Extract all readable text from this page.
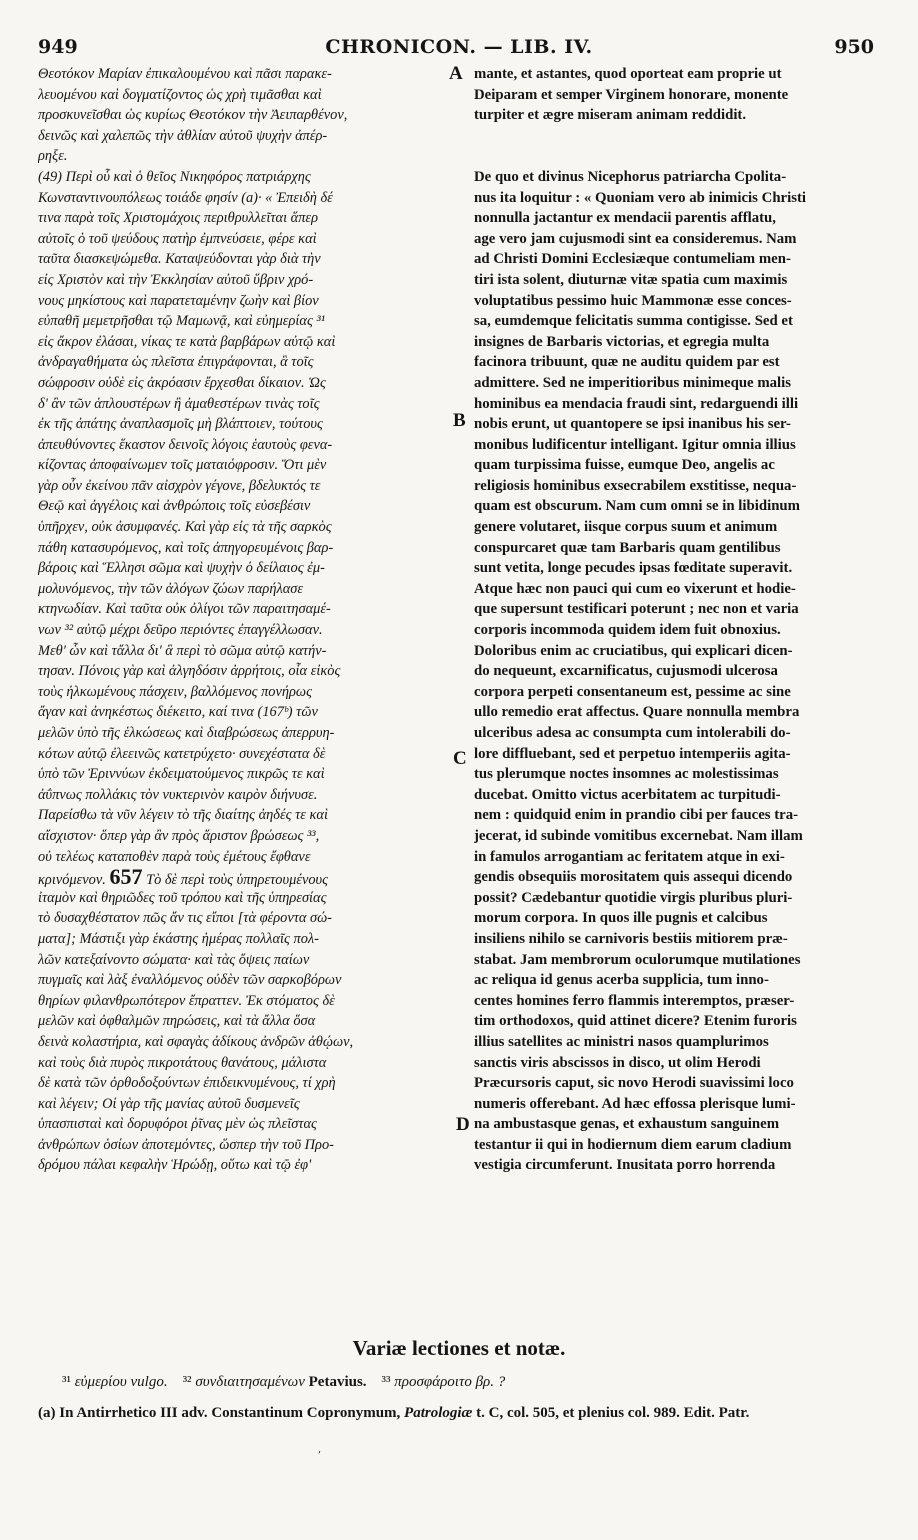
949	CHRONICON. — LIB. IV.	950
Θεοτόκον Μαρίαν ἐπικαλουμένου καὶ πᾶσι παρακε-
λευομένου καὶ δογματίζοντος ὡς χρὴ τιμᾶσθαι καὶ
προσκυνεῖσθαι ὡς κυρίως Θεοτόκον τὴν Ἀειπαρθένον,
δεινῶς καὶ χαλεπῶς τὴν ἀθλίαν αὐτοῦ ψυχὴν ἀπέρ-
ρηξε.
(49) Περὶ οὗ καὶ ὁ θεῖος Νικηφόρος πατριάρχης
Κωνσταντινουπόλεως τοιάδε φησίν (a)· « Ἐπειδὴ δέ
τινα παρὰ τοῖς Χριστομάχοις περιθρυλλεῖται ἅπερ
αὐτοῖς ὁ τοῦ ψεύδους πατὴρ ἐμπνεύσειε, φέρε καὶ
ταῦτα διασκεψώμεθα. Καταψεύδονται γὰρ διὰ τὴν
εἰς Χριστὸν καὶ τὴν Ἐκκλησίαν αὐτοῦ ὕβριν χρό-
νους μηκίστους καὶ παρατεταμένην ζωὴν καὶ βίον
εὐπαθῆ μεμετρῆσθαι τῷ Μαμωνᾷ, καὶ εὐημερίας ³¹
εἰς ἄκρον ἐλάσαι, νίκας τε κατὰ βαρβάρων αὐτῷ καὶ
ἀνδραγαθήματα ὡς πλεῖστα ἐπιγράφονται, ἃ τοῖς
σώφροσιν οὐδὲ εἰς ἀκρόασιν ἔρχεσθαι δίκαιον. Ὡς
δ' ἂν τῶν ἁπλουστέρων ἢ ἀμαθεστέρων τινὰς τοῖς
ἐκ τῆς ἀπάτης ἀναπλασμοῖς μὴ βλάπτοιεν, τούτους
ἀπευθύνοντες ἕκαστον δεινοῖς λόγοις ἑαυτοὺς φενα-
κίζοντας ἀποφαίνωμεν τοῖς ματαιόφροσιν. Ὅτι μὲν
γὰρ οὖν ἐκείνου πᾶν αἰσχρὸν γέγονε, βδελυκτός τε
Θεῷ καὶ ἀγγέλοις καὶ ἀνθρώποις τοῖς εὐσεβέσιν
ὑπῆρχεν, οὐκ ἀσυμφανές. Καὶ γὰρ εἰς τὰ τῆς σαρκὸς
πάθη κατασυρόμενος, καὶ τοῖς ἀπηγορευμένοις βαρ-
βάροις καὶ Ἕλλησι σῶμα καὶ ψυχὴν ὁ δείλαιος ἐμ-
μολυνόμενος, τὴν τῶν ἀλόγων ζώων παρήλασε
κτηνωδίαν. Καὶ ταῦτα οὐκ ὀλίγοι τῶν παραιτησαμέ-
νων ³² αὐτῷ μέχρι δεῦρο περιόντες ἐπαγγέλλωσαν.
Μεθ' ὧν καὶ τἄλλα δι' ἃ περὶ τὸ σῶμα αὐτῷ κατήν-
τησαν. Πόνοις γὰρ καὶ ἀλγηδόσιν ἀρρήτοις, οἷα εἰκὸς
τοὺς ἡλκωμένους πάσχειν, βαλλόμενος πονήρως
ἄγαν καὶ ἀνηκέστως διέκειτο, καί τινα (167ᵇ) τῶν
μελῶν ὑπὸ τῆς ἑλκώσεως καὶ διαβρώσεως ἀπερρυη-
κότων αὐτῷ ἐλεεινῶς κατετρύχετο· συνεχέστατα δὲ
ὑπὸ τῶν Ἐριννύων ἐκδειματούμενος πικρῶς τε καὶ
ἀΰπνως πολλάκις τὸν νυκτερινὸν καιρὸν διήνυσε.
Παρείσθω τὰ νῦν λέγειν τὸ τῆς διαίτης ἀηδές τε καὶ
αἴσχιστον· ὅπερ γὰρ ἂν πρὸς ἄριστον βρώσεως ³³,
οὐ τελέως καταποθὲν παρὰ τοὺς ἐμέτους ἔφθανε
κρινόμενον. 657 Τὸ δὲ περὶ τοὺς ὑπηρετουμένους
ἰταμὸν καὶ θηριῶδες τοῦ τρόπου καὶ τῆς ὑπηρεσίας
τὸ δυσαχθέστατον πῶς ἄν τις εἴποι [τὰ φέροντα σώ-
ματα]; Μάστιξι γὰρ ἑκάστης ἡμέρας πολλαῖς πολ-
λῶν κατεξαίνοντο σώματα· καὶ τὰς ὄψεις παίων
πυγμαῖς καὶ λὰξ ἐναλλόμενος οὐδὲν τῶν σαρκοβόρων
θηρίων φιλανθρωπότερον ἔπραττεν. Ἐκ στόματος δὲ
μελῶν καὶ ὀφθαλμῶν πηρώσεις, καὶ τὰ ἄλλα ὅσα
δεινὰ κολαστήρια, καὶ σφαγὰς ἀδίκους ἀνδρῶν ἀθῴων,
καὶ τοὺς διὰ πυρὸς πικροτάτους θανάτους, μάλιστα
δὲ κατὰ τῶν ὀρθοδοξούντων ἐπιδεικνυμένους, τί χρὴ
καὶ λέγειν; Οἱ γὰρ τῆς μανίας αὐτοῦ δυσμενεῖς
ὑπασπισταὶ καὶ δορυφόροι ῥῖνας μὲν ὡς πλεῖστας
ἀνθρώπων ὁσίων ἀποτεμόντες, ὥσπερ τὴν τοῦ Προ-
δρόμου πάλαι κεφαλὴν Ἡρώδῃ, οὕτω καὶ τῷ ἐφ'
mante, et astantes, quod oporteat eam proprie ut
Deiparam et semper Virginem honorare, monente
turpiter et ægre miseram animam reddidit.
De quo et divinus Nicephorus patriarcha Cpolita-
nus ita loquitur : « Quoniam vero ab inimicis Christi
nonnulla jactantur ex mendacii parentis afflatu,
age vero jam cujusmodi sint ea consideremus. Nam
ad Christi Domini Ecclesiæque contumeliam men-
tiri ista solent, diuturnæ vitæ spatia cum maximis
voluptatibus pessimo huic Mammonæ esse conces-
sa, eumdemque felicitatis summa contigisse. Sed et
insignes de Barbaris victorias, et egregia multa
facinora tribuunt, quæ ne auditu quidem par est
admittere. Sed ne imperitioribus minimeque malis
hominibus ea mendacia fraudi sint, redarguendi illi
nobis erunt, ut quantopere se ipsi inanibus his ser-
monibus ludificentur intelligant. Igitur omnia illius
quam turpissima fuisse, eumque Deo, angelis ac
religiosis hominibus exsecrabilem exstitisse, nequa-
quam est obscurum. Nam cum omni se in libidinum
genere volutaret, iisque corpus suum et animum
conspurcaret quæ tam Barbaris quam gentilibus
sunt vetita, longe pecudes ipsas fœditate superavit.
Atque hæc non pauci qui cum eo vixerunt et hodie-
que supersunt testificari poterunt ; nec non et varia
corporis incommoda quidem idem fuit obnoxius.
Doloribus enim ac cruciatibus, qui explicari dicen-
do nequeunt, excarnificatus, cujusmodi ulcerosa
corpora perpeti consentaneum est, pessime ac sine
ullo remedio erat affectus. Quare nonnulla membra
ulceribus adesa ac consumpta cum intolerabili do-
lore diffluebant, sed et perpetuo intemperiis agita-
tus plerumque noctes insomnes ac molestissimas
ducebat. Omitto victus acerbitatem ac turpitudi-
nem : quidquid enim in prandio cibi per fauces tra-
jecerat, id subinde vomitibus excernebat. Nam illam
in famulos arrogantiam ac feritatem atque in exi-
gendis obsequiis morositatem quis assequi dicendo
possit? Cædebantur quotidie virgis pluribus pluri-
morum corpora. In quos ille pugnis et calcibus
insiliens nihilo se carnivoris bestiis mitiorem præ-
stabat. Jam membrorum oculorumque mutilationes
ac reliqua id genus acerba supplicia, tum inno-
centes homines ferro flammis interemptos, præser-
tim orthodoxos, quid attinet dicere? Etenim furoris
illius satellites ac ministri nasos quamplurimos
sanctis viris abscissos in disco, ut olim Herodi
Præcursoris caput, sic novo Herodi suavissimi loco
numeris offerebant. Ad hæc effossa plerisque lumi-
na ambustasque genas, et exhaustum sanguinem
testantur ii qui in hodiernum diem earum cladium
vestigia circumferunt. Inusitata porro horrenda
A
B
C
D
Variæ lectiones et notæ.
³¹ εὐμερίου vulgo. ³² συνδιαιτησαμένων Petavius. ³³ προσφάροιτο βρ. ?
(a) In Antirrhetico III adv. Constantinum Copronymum, Patrologiæ t. C, col. 505, et plenius col. 989. Edit. Patr.
,
